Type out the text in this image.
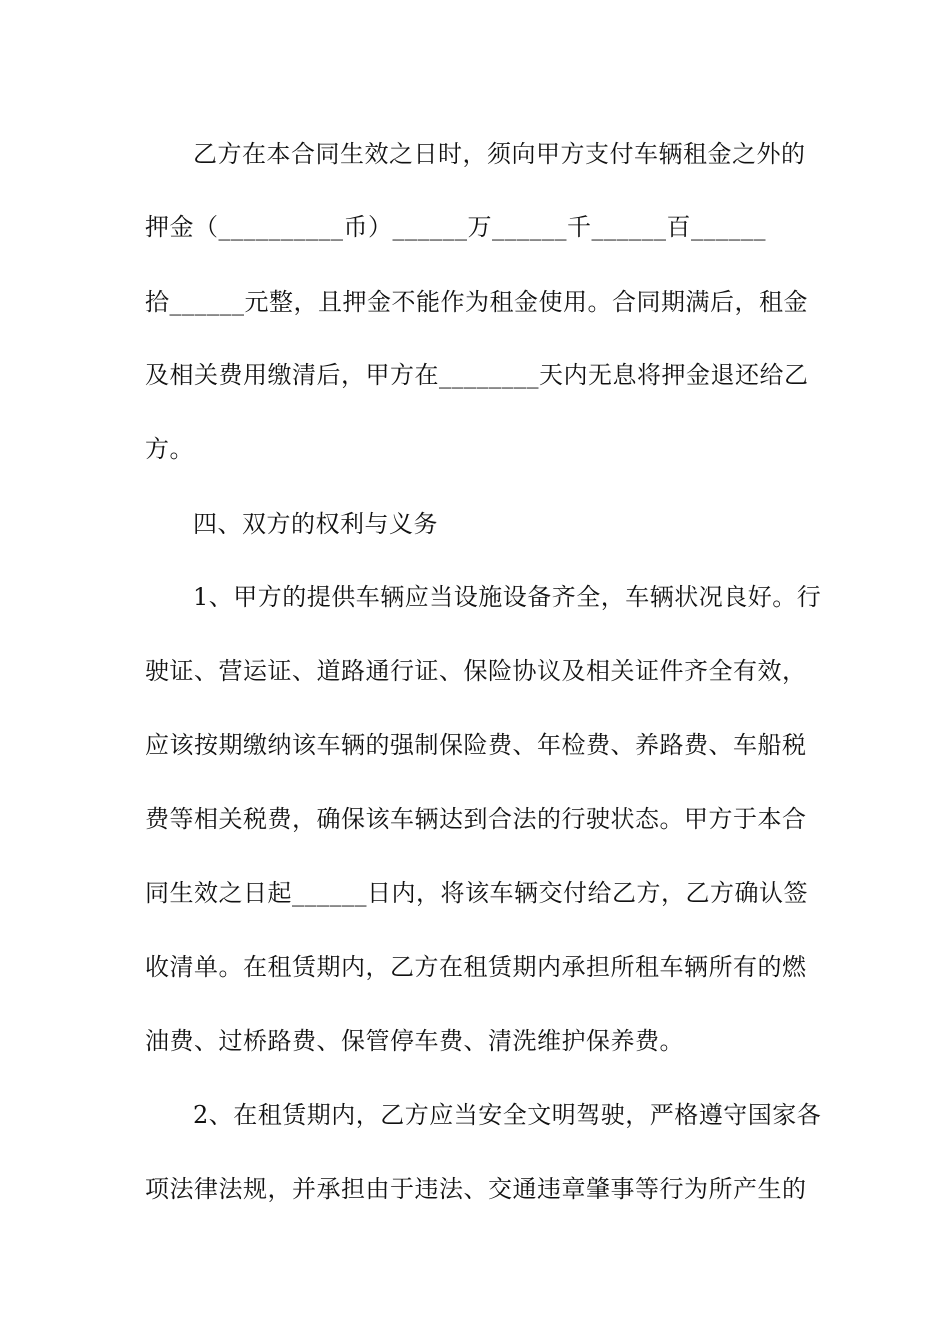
乙方在本合同生效之日时，须向甲方支付车辆租金之外的
押金（__________币）______万______千______百______
拾______元整，且押金不能作为租金使用。合同期满后，租金
及相关费用缴清后，甲方在________天内无息将押金退还给乙
方。
四、双方的权利与义务
1、甲方的提供车辆应当设施设备齐全，车辆状况良好。行
驶证、营运证、道路通行证、保险协议及相关证件齐全有效，
应该按期缴纳该车辆的强制保险费、年检费、养路费、车船税
费等相关税费，确保该车辆达到合法的行驶状态。甲方于本合
同生效之日起______日内，将该车辆交付给乙方，乙方确认签
收清单。在租赁期内，乙方在租赁期内承担所租车辆所有的燃
油费、过桥路费、保管停车费、清洗维护保养费。
2、在租赁期内，乙方应当安全文明驾驶，严格遵守国家各
项法律法规，并承担由于违法、交通违章肇事等行为所产生的
